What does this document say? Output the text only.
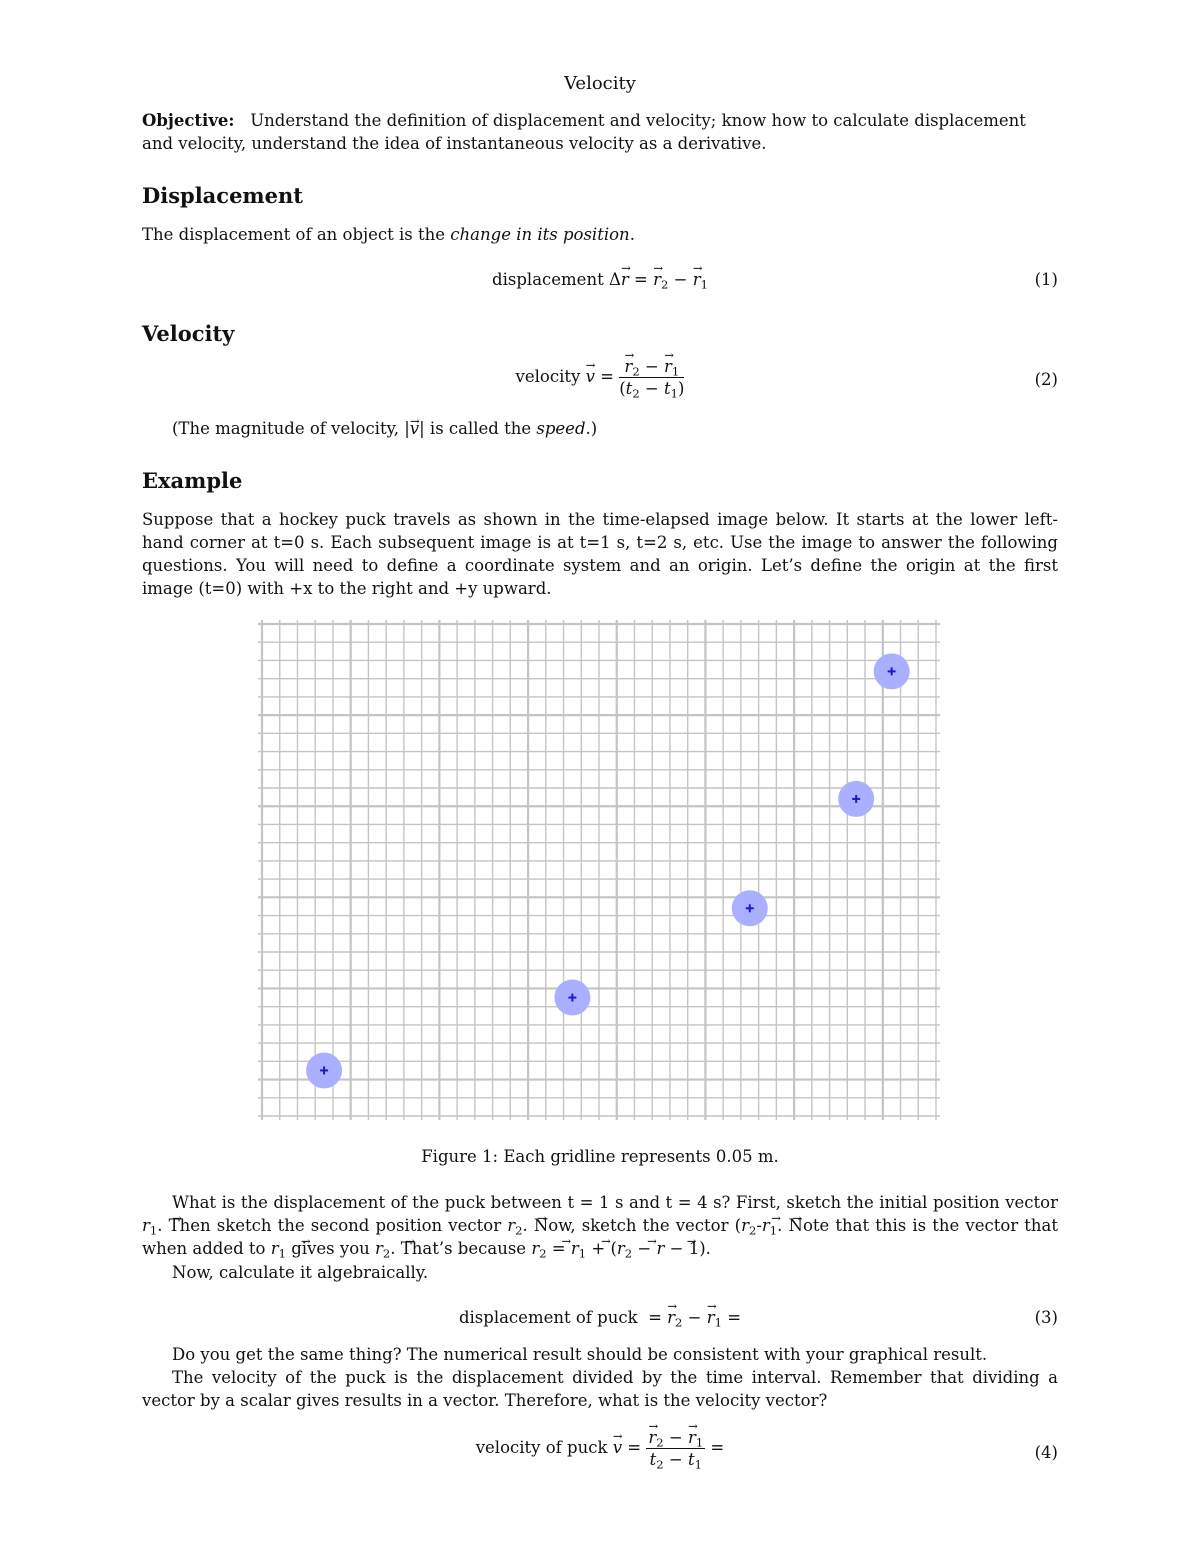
Velocity
Objective: Understand the definition of displacement and velocity; know how to calculate displacement and velocity, understand the idea of instantaneous velocity as a derivative.
Displacement
The displacement of an object is the change in its position.
displacement Δ→ r = → $r_2$ − → $r_1$	(1)
Velocity
velocity → v = → $\frac{r_2 - \to r_1}{(t_2 - t_1)}$	(2)
(The magnitude of velocity, |→ v| is called the speed.)
Example
Suppose that a hockey puck travels as shown in the time-elapsed image below. It starts at the lower left-hand corner at t=0 s. Each subsequent image is at t=1 s, t=2 s, etc. Use the image to answer the following questions. You will need to define a coordinate system and an origin. Let’s define the origin at the first image (t=0) with +x to the right and +y upward.
Figure 1: Each gridline represents 0.05 m.
What is the displacement of the puck between t = 1 s and t = 4 s? First, sketch the initial position vector → $r_1$. Then sketch the second position vector → $r_2$. Now, sketch the vector (→ $r_2-\to r_1$. Note that this is the vector that when added to → $r_1$ gives you → $r_2$. That’s because → $r_2$ = → $r_1$ + (→ $r_2$ − → r − 1).
Now, calculate it algebraically.
displacement of puck  = → $r_2$ − → $r_1$ =	(3)
Do you get the same thing? The numerical result should be consistent with your graphical result.
The velocity of the puck is the displacement divided by the time interval. Remember that dividing a vector by a scalar gives results in a vector. Therefore, what is the velocity vector?
velocity of puck → v = → $\frac{r_2 - \to r_1}{t_2 - t_1}$ =	(4)
